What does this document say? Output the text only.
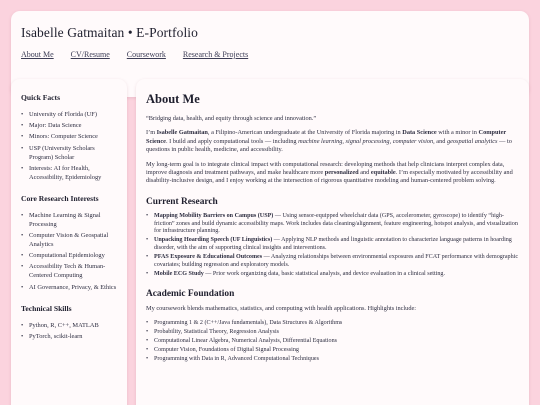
Isabelle Gatmaitan • E-Portfolio
About Me CV/Resume Coursework Research & Projects
Quick Facts
• University of Florida (UF)
• Major: Data Science
• Minors: Computer Science
• USP (University Scholars Program) Scholar
• Interests: AI for Health, Accessibility, Epidemiology
Core Research Interests
• Machine Learning & Signal Processing
• Computer Vision & Geospatial Analytics
• Computational Epidemiology
• Accessibility Tech & Human-Centered Computing
• AI Governance, Privacy, & Ethics
Technical Skills
• Python, R, C++, MATLAB
• PyTorch, scikit-learn
About Me

“Bridging data, health, and equity through science and innovation.”

I’m Isabelle Gatmaitan, a Filipino-American undergraduate at the University of Florida majoring in Data Science with a minor in Computer Science. I build and apply computational tools — including machine learning, signal processing, computer vision, and geospatial analytics — to questions in public health, medicine, and accessibility.

My long-term goal is to integrate clinical impact with computational research: developing methods that help clinicians interpret complex data, improve diagnosis and treatment pathways, and make healthcare more personalized and equitable. I’m especially motivated by accessibility and disability-inclusive design, and I enjoy working at the intersection of rigorous quantitative modeling and human-centered problem solving.

Current Research
• Mapping Mobility Barriers on Campus (USP) — Using sensor-equipped wheelchair data (GPS, accelerometer, gyroscope) to identify “high-friction” zones and build dynamic accessibility maps. Work includes data cleaning/alignment, feature engineering, hotspot analysis, and visualization for infrastructure planning.
• Unpacking Hoarding Speech (UF Linguistics) — Applying NLP methods and linguistic annotation to characterize language patterns in hoarding disorder, with the aim of supporting clinical insights and interventions.
• PFAS Exposure & Educational Outcomes — Analyzing relationships between environmental exposures and FCAT performance with demographic covariates; building regression and exploratory models.
• Mobile ECG Study — Prior work organizing data, basic statistical analysis, and device evaluation in a clinical setting.
Academic Foundation

My coursework blends mathematics, statistics, and computing with health applications. Highlights include:

• Programming 1 & 2 (C++/Java fundamentals), Data Structures & Algorithms
• Probability, Statistical Theory, Regression Analysis
• Computational Linear Algebra, Numerical Analysis, Differential Equations
• Computer Vision, Foundations of Digital Signal Processing
• Programming with Data in R, Advanced Computational Techniques
